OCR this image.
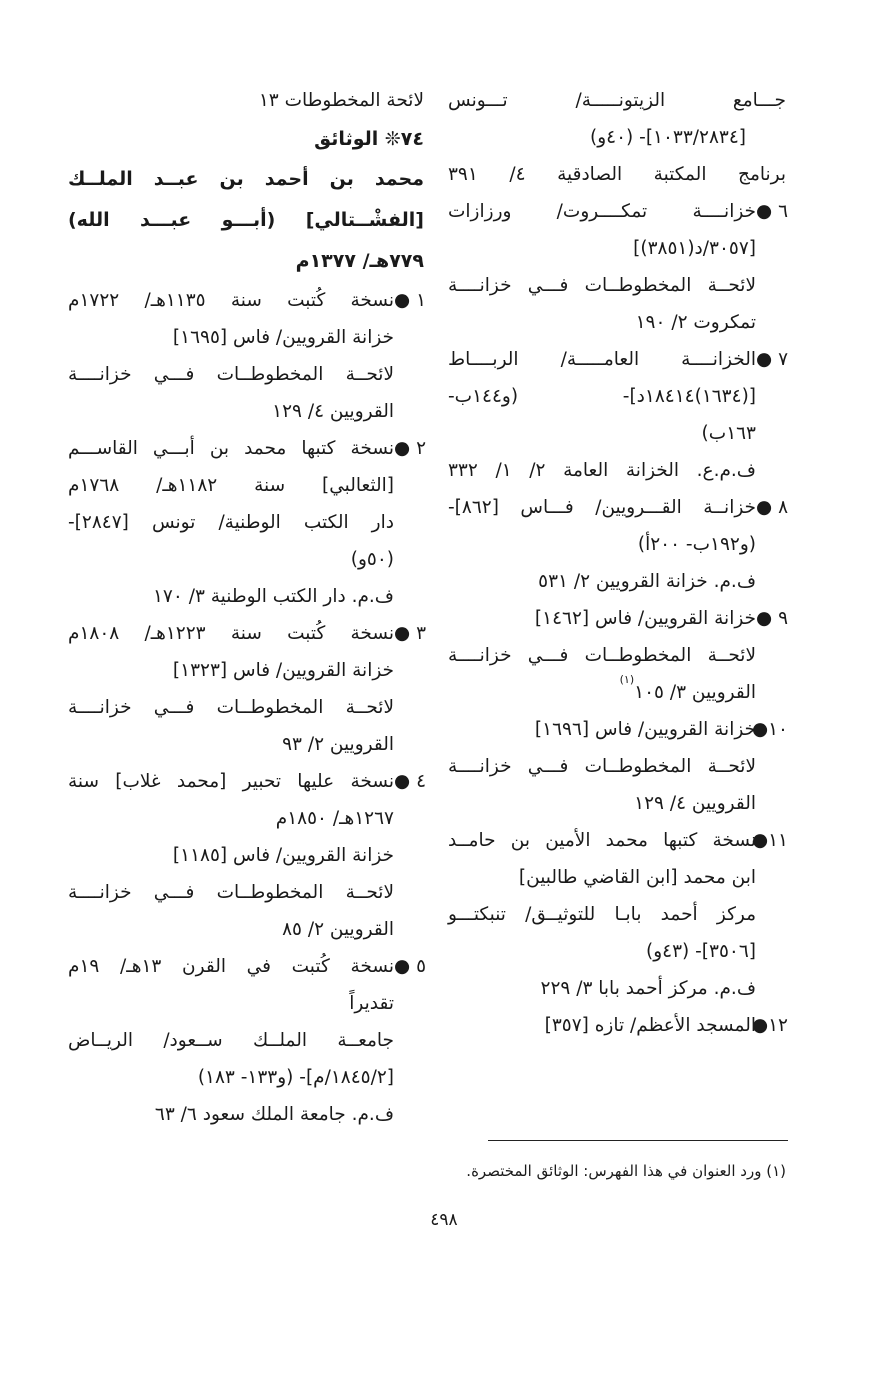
جـــامع الزيتونـــــة/ تـــونس
[۱۰۳۳/۲۸۳٤]- (٤٠و)
برنامج المكتبة الصادقية ٤/ ٣٩١
٦ ●
خزانــــة تمكــــروت/ ورزازات
[۳۰٥۷/د(۳۸٥۱)]
لائحــة المخطوطــات فـــي خزانــــة
تمكروت ٢/ ١٩٠
٧ ●
الخزانــــة العامـــــة/ الربــــاط
[(١٦٣٤)١٨٤١٤د]- (و١٤٤ب-
١٦٣ب)
ف.م.ع. الخزانة العامة ٢/ ١/ ٣٣٢
٨ ●
خزانــة القـــرويين/ فـــاس [٨٦٢]-
(و١٩٢ب- ٢٠٠أ)
ف.م. خزانة القرويين ٢/ ٥٣١
٩ ●
خزانة القرويين/ فاس [١٤٦٢]
لائحــة المخطوطــات فـــي خزانــــة
القرويين ٣/ ١٠٥$^{(١)}$
١٠●
خزانة القرويين/ فاس [١٦٩٦]
لائحــة المخطوطــات فـــي خزانــــة
القرويين ٤/ ١٢٩
١١●
نسخة كتبها محمد الأمين بن حامــد
ابن محمد [ابن القاضي طالبين]
مركز أحمد بابـا للتوثيــق/ تنبكتـــو
[٣٥٠٦]- (٤٣و)
ف.م. مركز أحمد بابا ٣/ ٢٢٩
١٢●
المسجد الأعظم/ تازه [٣٥٧]
لائحة المخطوطات ١٣
٧٤❊ الوثائق
محمد بن أحمد بن عبــد الملــك
[الفشْــتالي] (أبـــو عبـــد الله)
٧٧٩هـ/ ١٣٧٧م
١ ●
نسخة كُتبت سنة ١١٣٥هـ/ ١٧٢٢م
خزانة القرويين/ فاس [١٦٩٥]
لائحــة المخطوطــات فـــي خزانــــة
القرويين ٤/ ١٢٩
٢ ●
نسخة كتبها محمد بن أبـــي القاســـم
[الثعالبي] سنة ١١٨٢هـ/ ١٧٦٨م
دار الكتب الوطنية/ تونس [٢٨٤٧]-
(٥٠و)
ف.م. دار الكتب الوطنية ٣/ ١٧٠
٣ ●
نسخة كُتبت سنة ١٢٢٣هـ/ ١٨٠٨م
خزانة القرويين/ فاس [١٣٢٣]
لائحــة المخطوطــات فـــي خزانــــة
القرويين ٢/ ٩٣
٤ ●
نسخة عليها تحبير [محمد غلاب] سنة
١٢٦٧هـ/ ١٨٥٠م
خزانة القرويين/ فاس [١١٨٥]
لائحــة المخطوطــات فـــي خزانــــة
القرويين ٢/ ٨٥
٥ ●
نسخة كُتبت في القرن ١٣هـ/ ١٩م
تقديراً
جامعــة الملــك ســعود/ الريــاض
[١٨٤٥/٢/م]- (و١٣٣- ١٨٣)
ف.م. جامعة الملك سعود ٦/ ٦٣
(١) ورد العنوان في هذا الفهرس: الوثائق المختصرة.
٤٩٨
